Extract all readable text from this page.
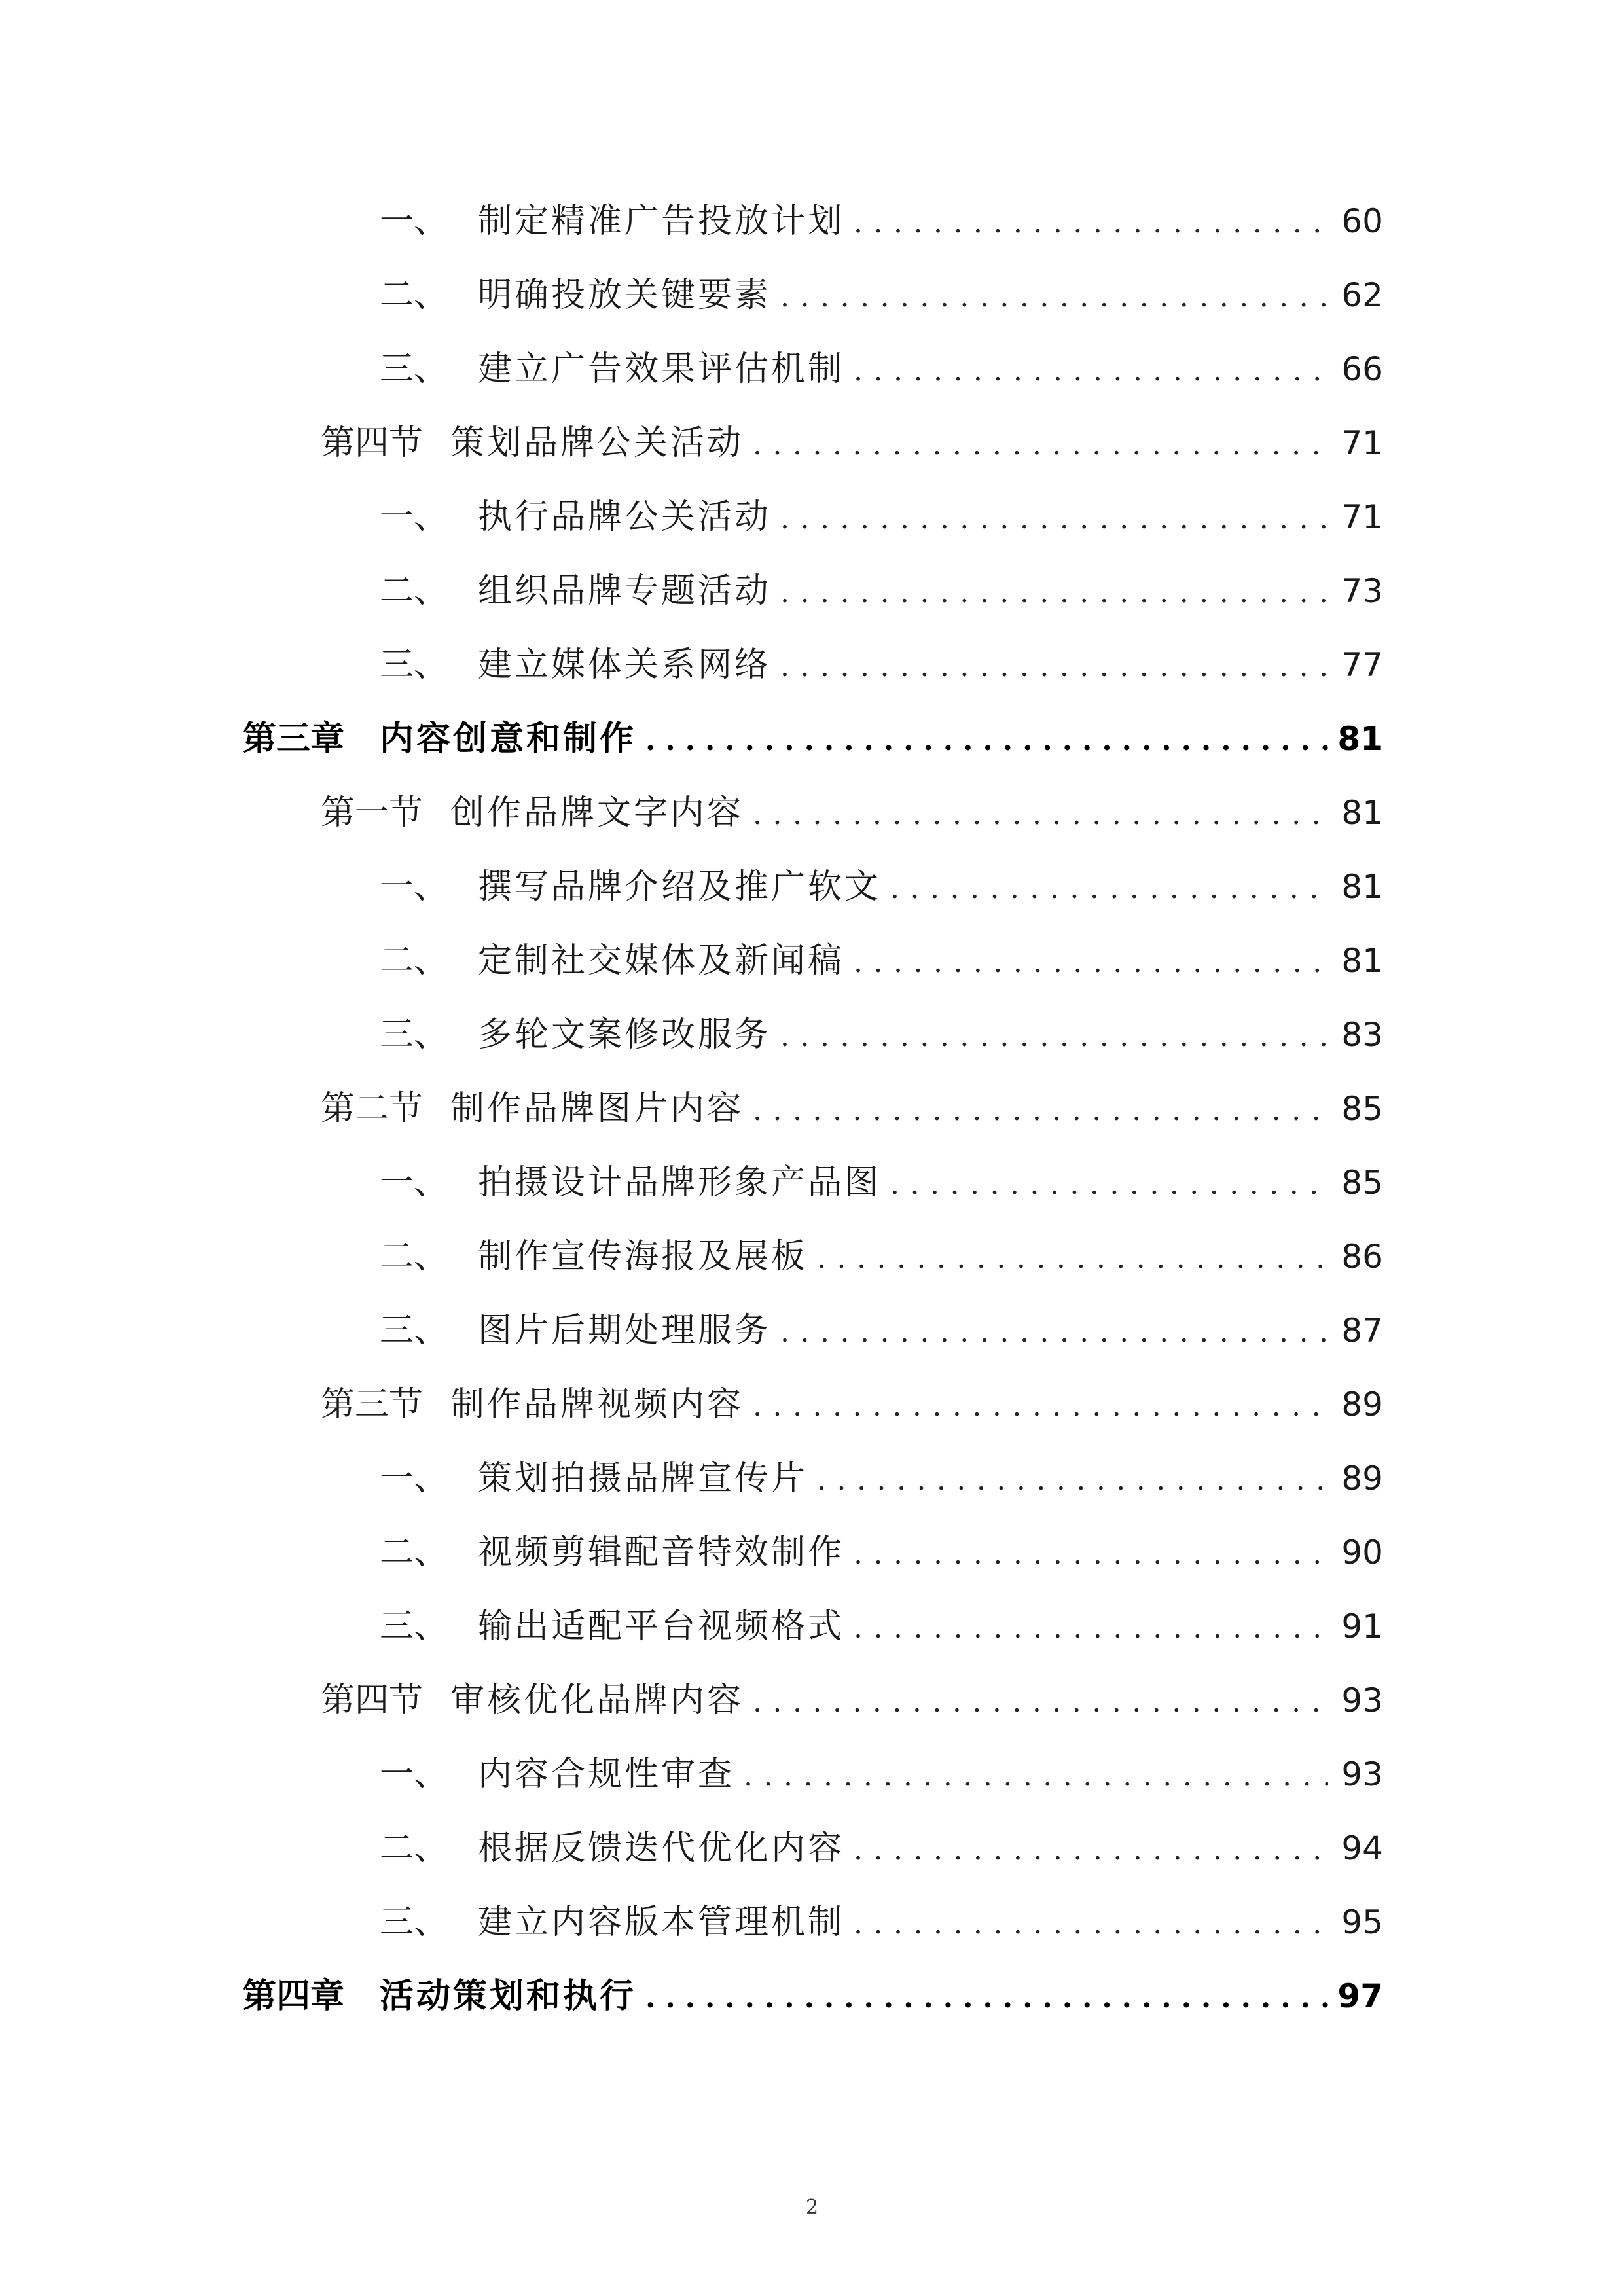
一、 制定精准广告投放计划 .....	60
二、 明确投放关键要素 .....	62
三、 建立广告效果评估机制 .....	66
第四节 策划品牌公关活动 .....	71
一、 执行品牌公关活动 .....	71
二、 组织品牌专题活动 .....	73
三、 建立媒体关系网络 .....	77
第三章	内容创意和制作 .....	81
第一节 创作品牌文字内容 .....	81
一、 撰写品牌介绍及推广软文 .....	81
二、 定制社交媒体及新闻稿 .....	81
三、 多轮文案修改服务 .....	83
第二节 制作品牌图片内容 .....	85
一、 拍摄设计品牌形象产品图 .....	85
二、 制作宣传海报及展板 .....	86
三、 图片后期处理服务 .....	87
第三节 制作品牌视频内容 .....	89
一、 策划拍摄品牌宣传片 .....	89
二、 视频剪辑配音特效制作 .....	90
三、 输出适配平台视频格式 .....	91
第四节 审核优化品牌内容 .....	93
一、 内容合规性审查 .....	93
二、 根据反馈迭代优化内容 .....	94
三、 建立内容版本管理机制 .....	95
第四章	活动策划和执行 .....	97
2
